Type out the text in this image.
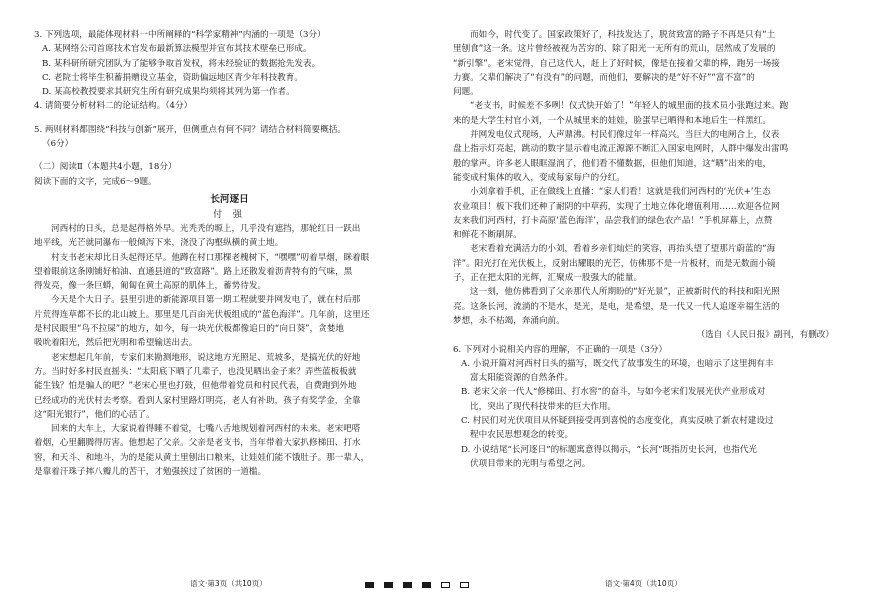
3. 下列选项，最能体现材料一中所阐释的“科学家精神”内涵的一项是（3分）
A. 某网络公司首席技术官发布最新算法模型并宣布其技术壁垒已形成。
B. 某科研所研究团队为了能够争取首发权，将未经验证的数据抢先发表。
C. 老院士将毕生积蓄捐赠设立基金，资助偏远地区青少年科技教育。
D. 某高校教授要求其研究生所有研究成果均须将其列为第一作者。
4. 请简要分析材料二的论证结构。（4分）
5. 两则材料都围绕“科技与创新”展开，但侧重点有何不同？请结合材料简要概括。
（6分）
（二）阅读Ⅱ（本题共4小题，18分）
阅读下面的文字，完成6～9题。
长河逐日
付 强
河西村的日头，总是起得格外早。光秃秃的塬上，几乎没有遮挡，那轮红日一跃出
地平线，光芒就同瀑布一般倾泻下来，浇没了沟壑纵横的黄土地。
村支书老宋却比日头起得还早。他蹲在村口那棵老槐树下，“嘿嘿”叨着旱烟，眯着眼
望着眼前这条刚铺好柏油、直通县道的“致富路”。路上还散发着沥青特有的气味，黑
得发亮，像一条巨蟒，匍匐在黄土高原的肌体上，蓄势待发。
今天是个大日子。县里引进的新能源项目第一期工程就要并网发电了，就在村后那
片荒得连草都不长的北山坡上。那里是几百亩光伏板组成的“蓝色海洋”。几年前，这里还
是村民眼里“鸟不拉屎”的地方，如今，每一块光伏板都像追日的“向日葵”，贪婪地
吸吮着阳光，然后把光明和希望输送出去。
老宋想起几年前，专家们来勘测地形，说这地方光照足、荒坡多，是搞光伏的好地
方。当时好多村民直摇头：“太阳底下晒了几辈子，也没见晒出金子来？弄些蓝板板就
能生钱？怕是骗人的吧？”老宋心里也打鼓，但他带着党员和村民代表，自费跑到外地
已经成功的光伏村去考察。看到人家村里路灯明亮，老人有补助，孩子有奖学金，全靠
这“阳光银行”，他们的心活了。
回来的大车上，大家说着得睡不着觉，七嘴八舌地规划着河西村的未来。老宋吧嗒
着烟，心里翻腾得厉害。他想起了父亲。父亲是老支书，当年带着大家扒修梯田、打水
窖，和天斗、和地斗，为的是能从黄土里刨出口粮来，让娃娃们能不饿肚子。那一辈人，
是靠着汗珠子摔八瓣儿的苦干，才勉强挨过了贫困的一道槛。
而如今，时代变了。国家政策好了，科技发达了，脱贫致富的路子不再是只有“土
里刨食”这一条。这片曾经被视为苦穷的、除了阳光一无所有的荒山，居然成了发展的
“新引擎”。老宋觉得，自己这代人，赶上了好时候，像是在接着父辈的棒，跑另一场接
力赛。父辈们解决了“有没有”的问题，而他们，要解决的是“好不好”“富不富”的
问题。
“老支书，时候差不多咧！仪式快开始了！”年轻人的城里面的技术员小张跑过来。跑
来的是大学生村官小刘，一个从城里来的娃娃，脸蛋早已晒得和本地后生一样黑红。
并网发电仪式现场，人声鼎沸。村民们像过年一样高兴。当巨大的电闸合上，仪表
盘上指示灯亮起，跳动的数字显示着电流正源源不断汇入国家电网时，人群中爆发出雷鸣
般的掌声。许多老人眼眶湿润了，他们看不懂数据，但他们知道，这“晒”出来的电，
能变成村集体的收入，变成每家每户的分红。
小刘拿着手机，正在做线上直播：“家人们看！这就是我们河西村的‘光伏+’生态
农业项目！板下我们还种了耐阴的中草药，实现了土地立体化增值利用……欢迎各位网
友来我们河西村，打卡高原‘蓝色海洋’，品尝我们的绿色农产品！”手机屏幕上，点赞
和鲜花不断刷屏。
老宋看着充满活力的小刘，看着乡亲们灿烂的笑容，再抬头望了望那片蔚蓝的“海
洋”。阳光打在光伏板上，反射出耀眼的光芒，仿佛那不是一片板材，而是无数面小镜
子，正在把太阳的光辉，汇聚成一股强大的能量。
这一刻，他仿佛看到了父亲那代人所期盼的“好光景”，正被新时代的科技和阳光照
亮。这条长河，流淌的不是水，是光，是电，是希望，是一代又一代人追逐幸福生活的
梦想，永不枯竭，奔涌向前。
（选自《人民日报》副刊，有删改）
6. 下列对小说相关内容的理解，不正确的一项是（3分）
A. 小说开篇对河西村日头的描写，既交代了故事发生的环境，也暗示了这里拥有丰
富太阳能资源的自然条件。
B. 老宋父亲一代人“修梯田、打水窖”的奋斗，与如今老宋们发展光伏产业形成对
比，突出了现代科技带来的巨大作用。
C. 村民们对光伏项目从怀疑到接受再到喜悦的态度变化，真实反映了新农村建设过
程中农民思想观念的转变。
D. 小说结尾“长河逐日”的标题寓意得以揭示，“长河”既指历史长河，也指代光
伏项目带来的光明与希望之河。
语文·第3页（共10页）	语文·第4页（共10页）
